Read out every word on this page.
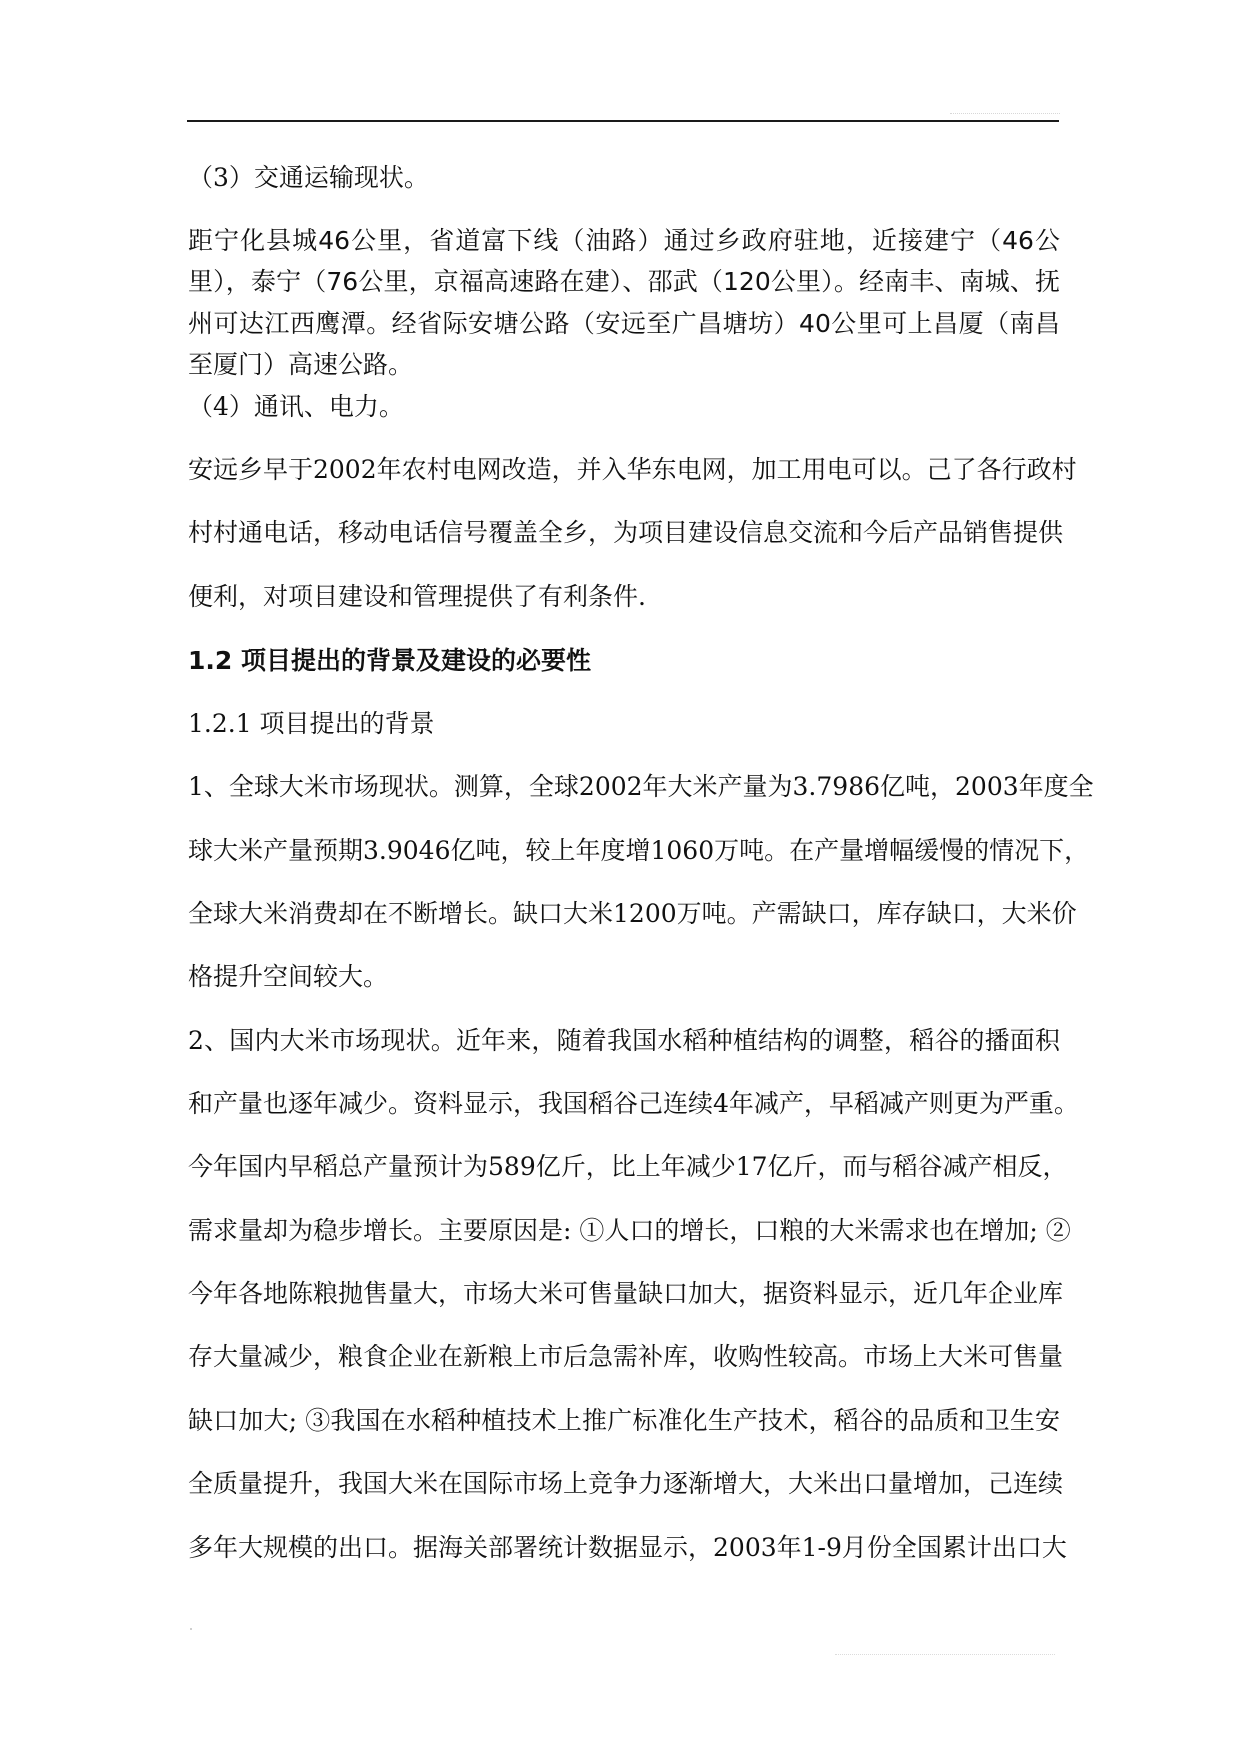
（3）交通运输现状。
距宁化县城46公里，省道富下线（油路）通过乡政府驻地，近接建宁（46公
里），泰宁（76公里，京福高速路在建）、邵武（120公里）。经南丰、南城、抚
州可达江西鹰潭。经省际安塘公路（安远至广昌塘坊）40公里可上昌厦（南昌
至厦门）高速公路。
（4）通讯、电力。
安远乡早于2002年农村电网改造，并入华东电网，加工用电可以。己了各行政村
村村通电话，移动电话信号覆盖全乡，为项目建设信息交流和今后产品销售提供
便利，对项目建设和管理提供了有利条件.
1.2 项目提出的背景及建设的必要性
1.2.1 项目提出的背景
1、全球大米市场现状。测算，全球2002年大米产量为3.7986亿吨，2003年度全
球大米产量预期3.9046亿吨，较上年度增1060万吨。在产量增幅缓慢的情况下，
全球大米消费却在不断增长。缺口大米1200万吨。产需缺口，库存缺口，大米价
格提升空间较大。
2、国内大米市场现状。近年来，随着我国水稻种植结构的调整，稻谷的播面积
和产量也逐年减少。资料显示，我国稻谷己连续4年减产，早稻减产则更为严重。
今年国内早稻总产量预计为589亿斤，比上年减少17亿斤，而与稻谷减产相反，
需求量却为稳步增长。主要原因是: ①人口的增长，口粮的大米需求也在增加; ②
今年各地陈粮抛售量大，市场大米可售量缺口加大，据资料显示，近几年企业库
存大量减少，粮食企业在新粮上市后急需补库，收购性较高。市场上大米可售量
缺口加大; ③我国在水稻种植技术上推广标准化生产技术，稻谷的品质和卫生安
全质量提升，我国大米在国际市场上竞争力逐渐增大，大米出口量增加，己连续
多年大规模的出口。据海关部署统计数据显示，2003年1-9月份全国累计出口大
